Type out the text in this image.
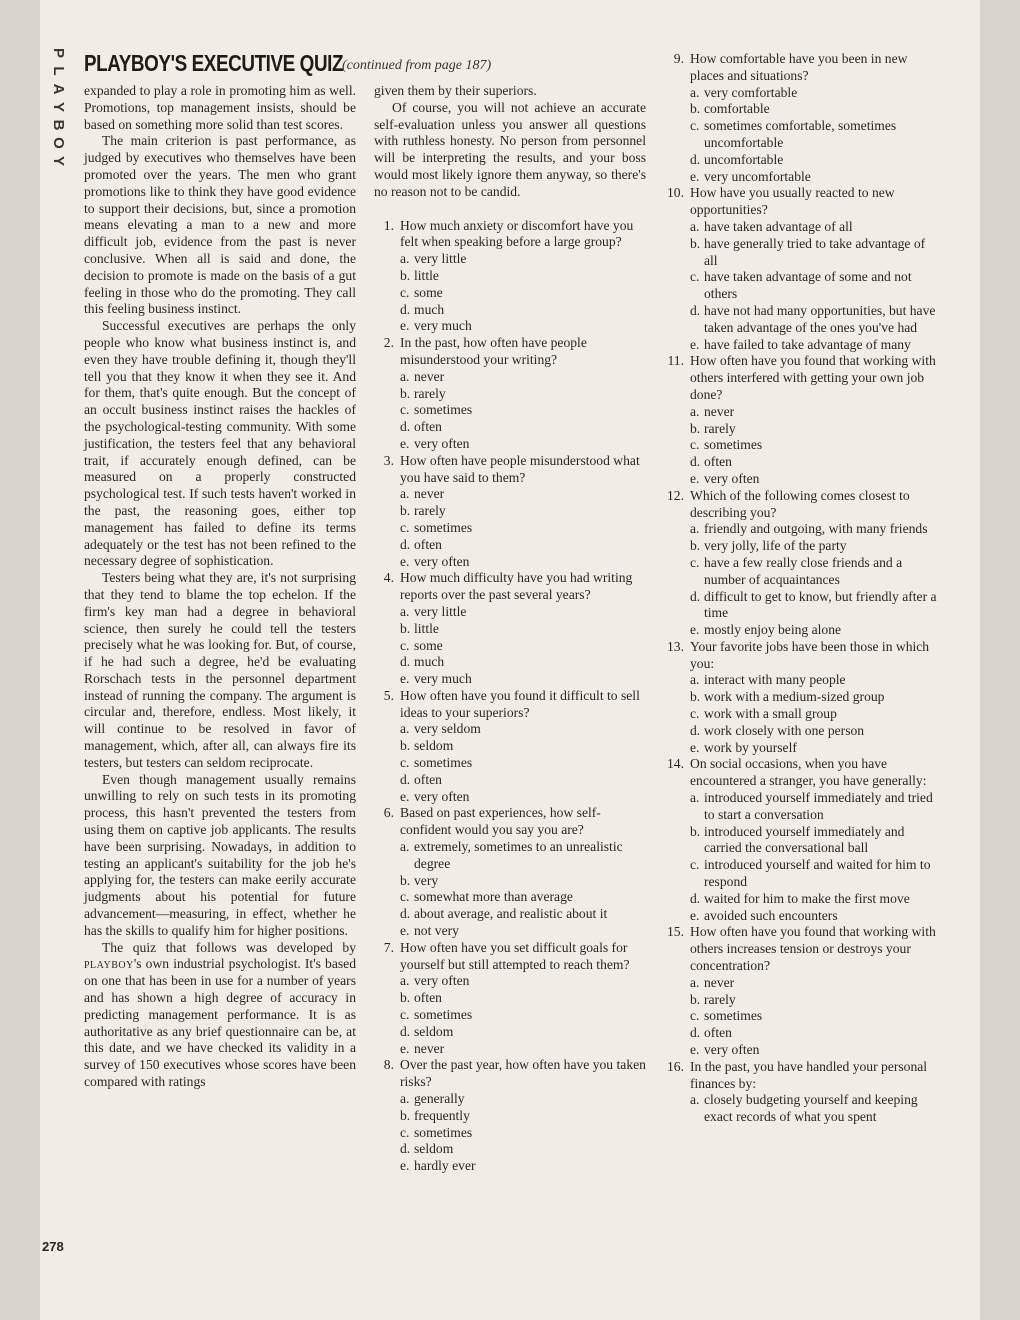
P
L
A
Y
B
O
Y
PLAYBOY'S EXECUTIVE QUIZ
(continued from page 187)

expanded to play a role in promoting him as well. Promotions, top management insists, should be based on something more solid than test scores.

The main criterion is past performance, as judged by executives who themselves have been promoted over the years. The men who grant promotions like to think they have good evidence to support their decisions, but, since a promotion means elevating a man to a new and more difficult job, evidence from the past is never conclusive. When all is said and done, the decision to promote is made on the basis of a gut feeling in those who do the promoting. They call this feeling business instinct.

Successful executives are perhaps the only people who know what business instinct is, and even they have trouble defining it, though they'll tell you that they know it when they see it. And for them, that's quite enough. But the concept of an occult business instinct raises the hackles of the psychological-testing community. With some justification, the testers feel that any behavioral trait, if accurately enough defined, can be measured on a properly constructed psychological test. If such tests haven't worked in the past, the reasoning goes, either top management has failed to define its terms adequately or the test has not been refined to the necessary degree of sophistication.

Testers being what they are, it's not surprising that they tend to blame the top echelon. If the firm's key man had a degree in behavioral science, then surely he could tell the testers precisely what he was looking for. But, of course, if he had such a degree, he'd be evaluating Rorschach tests in the personnel department instead of running the company. The argument is circular and, therefore, endless. Most likely, it will continue to be resolved in favor of management, which, after all, can always fire its testers, but testers can seldom reciprocate.

Even though management usually remains unwilling to rely on such tests in its promoting process, this hasn't prevented the testers from using them on captive job applicants. The results have been surprising. Nowadays, in addition to testing an applicant's suitability for the job he's applying for, the testers can make eerily accurate judgments about his potential for future advancement—measuring, in effect, whether he has the skills to qualify him for higher positions.

The quiz that follows was developed by playboy's own industrial psychologist. It's based on one that has been in use for a number of years and has shown a high degree of accuracy in predicting management performance. It is as authoritative as any brief questionnaire can be, at this date, and we have checked its validity in a survey of 150 executives whose scores have been compared with ratings

given them by their superiors.

Of course, you will not achieve an accurate self-evaluation unless you answer all questions with ruthless honesty. No person from personnel will be interpreting the results, and your boss would most likely ignore them anyway, so there's no reason not to be candid.

1. How much anxiety or discomfort have you felt when speaking before a large group?
a. very little
b. little
c. some
d. much
e. very much
2. In the past, how often have people misunderstood your writing?
a. never
b. rarely
c. sometimes
d. often
e. very often
3. How often have people misunderstood what you have said to them?
a. never
b. rarely
c. sometimes
d. often
e. very often
4. How much difficulty have you had writing reports over the past several years?
a. very little
b. little
c. some
d. much
e. very much
5. How often have you found it difficult to sell ideas to your superiors?
a. very seldom
b. seldom
c. sometimes
d. often
e. very often
6. Based on past experiences, how self-confident would you say you are?
a. extremely, sometimes to an unrealistic degree
b. very
c. somewhat more than average
d. about average, and realistic about it
e. not very
7. How often have you set difficult goals for yourself but still attempted to reach them?
a. very often
b. often
c. sometimes
d. seldom
e. never
8. Over the past year, how often have you taken risks?
a. generally
b. frequently
c. sometimes
d. seldom
e. hardly ever
9. How comfortable have you been in new places and situations?
a. very comfortable
b. comfortable
c. sometimes comfortable, sometimes uncomfortable
d. uncomfortable
e. very uncomfortable
10. How have you usually reacted to new opportunities?
a. have taken advantage of all
b. have generally tried to take advantage of all
c. have taken advantage of some and not others
d. have not had many opportunities, but have taken advantage of the ones you've had
e. have failed to take advantage of many
11. How often have you found that working with others interfered with getting your own job done?
a. never
b. rarely
c. sometimes
d. often
e. very often
12. Which of the following comes closest to describing you?
a. friendly and outgoing, with many friends
b. very jolly, life of the party
c. have a few really close friends and a number of acquaintances
d. difficult to get to know, but friendly after a time
e. mostly enjoy being alone
13. Your favorite jobs have been those in which you:
a. interact with many people
b. work with a medium-sized group
c. work with a small group
d. work closely with one person
e. work by yourself
14. On social occasions, when you have encountered a stranger, you have generally:
a. introduced yourself immediately and tried to start a conversation
b. introduced yourself immediately and carried the conversational ball
c. introduced yourself and waited for him to respond
d. waited for him to make the first move
e. avoided such encounters
15. How often have you found that working with others increases tension or destroys your concentration?
a. never
b. rarely
c. sometimes
d. often
e. very often
16. In the past, you have handled your personal finances by:
a. closely budgeting yourself and keeping exact records of what you spent
278
